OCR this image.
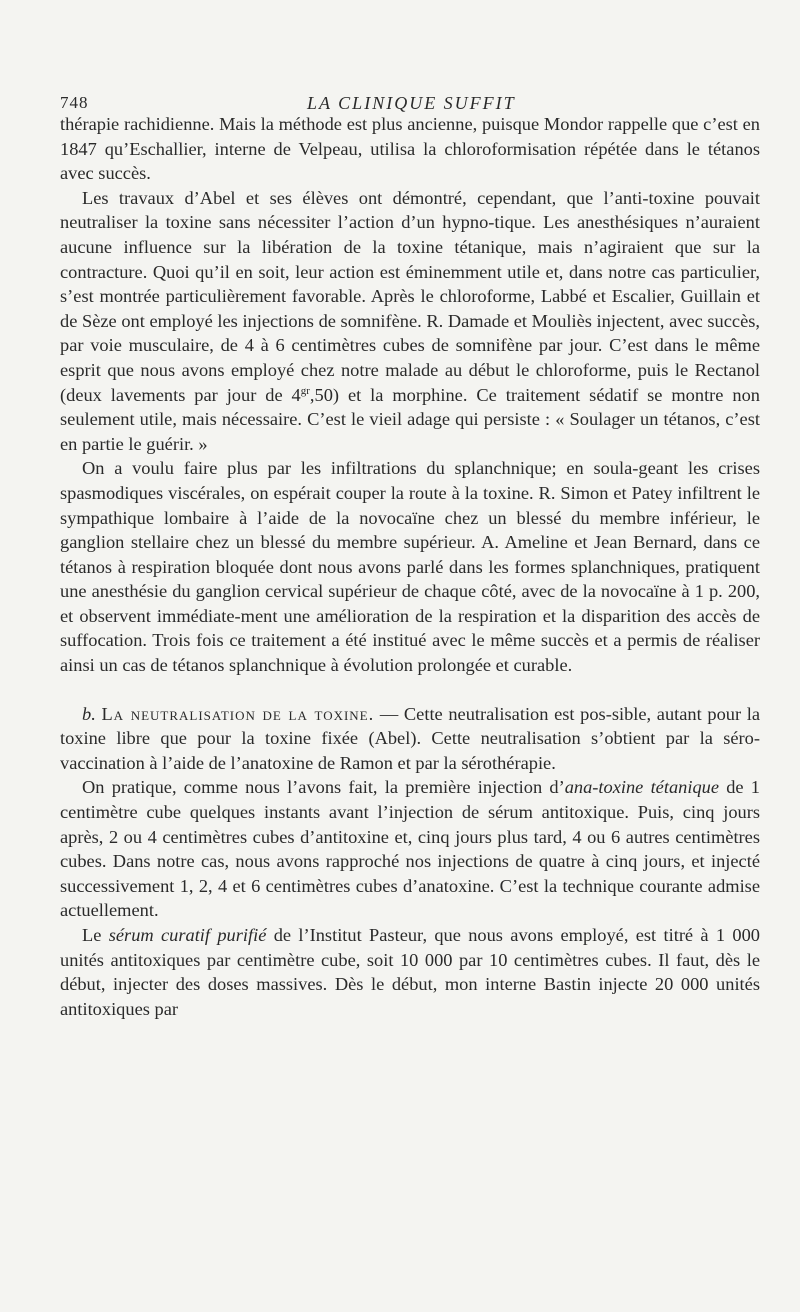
748	LA CLINIQUE SUFFIT

thérapie rachidienne. Mais la méthode est plus ancienne, puisque Mondor rappelle que c’est en 1847 qu’Eschallier, interne de Velpeau, utilisa la chloroformisation répétée dans le tétanos avec succès.

Les travaux d’Abel et ses élèves ont démontré, cependant, que l’anti-toxine pouvait neutraliser la toxine sans nécessiter l’action d’un hypno-tique. Les anesthésiques n’auraient aucune influence sur la libération de la toxine tétanique, mais n’agiraient que sur la contracture. Quoi qu’il en soit, leur action est éminemment utile et, dans notre cas particulier, s’est montrée particulièrement favorable. Après le chloroforme, Labbé et Escalier, Guillain et de Sèze ont employé les injections de somnifène. R. Damade et Mouliès injectent, avec succès, par voie musculaire, de 4 à 6 centimètres cubes de somnifène par jour. C’est dans le même esprit que nous avons employé chez notre malade au début le chloroforme, puis le Rectanol (deux lavements par jour de $4^{gr},50$) et la morphine. Ce traitement sédatif se montre non seulement utile, mais nécessaire. C’est le vieil adage qui persiste : « Soulager un tétanos, c’est en partie le guérir. »

On a voulu faire plus par les infiltrations du splanchnique; en soula-geant les crises spasmodiques viscérales, on espérait couper la route à la toxine. R. Simon et Patey infiltrent le sympathique lombaire à l’aide de la novocaïne chez un blessé du membre inférieur, le ganglion stellaire chez un blessé du membre supérieur. A. Ameline et Jean Bernard, dans ce tétanos à respiration bloquée dont nous avons parlé dans les formes splanchniques, pratiquent une anesthésie du ganglion cervical supérieur de chaque côté, avec de la novocaïne à 1 p. 200, et observent immédiate-ment une amélioration de la respiration et la disparition des accès de suffocation. Trois fois ce traitement a été institué avec le même succès et a permis de réaliser ainsi un cas de tétanos splanchnique à évolution prolongée et curable.

b. La neutralisation de la toxine. — Cette neutralisation est pos-sible, autant pour la toxine libre que pour la toxine fixée (Abel). Cette neutralisation s’obtient par la séro-vaccination à l’aide de l’anatoxine de Ramon et par la sérothérapie.

On pratique, comme nous l’avons fait, la première injection d’ana-toxine tétanique de 1 centimètre cube quelques instants avant l’injection de sérum antitoxique. Puis, cinq jours après, 2 ou 4 centimètres cubes d’antitoxine et, cinq jours plus tard, 4 ou 6 autres centimètres cubes. Dans notre cas, nous avons rapproché nos injections de quatre à cinq jours, et injecté successivement 1, 2, 4 et 6 centimètres cubes d’anatoxine. C’est la technique courante admise actuellement.

Le sérum curatif purifié de l’Institut Pasteur, que nous avons employé, est titré à 1 000 unités antitoxiques par centimètre cube, soit 10 000 par 10 centimètres cubes. Il faut, dès le début, injecter des doses massives. Dès le début, mon interne Bastin injecte 20 000 unités antitoxiques par
